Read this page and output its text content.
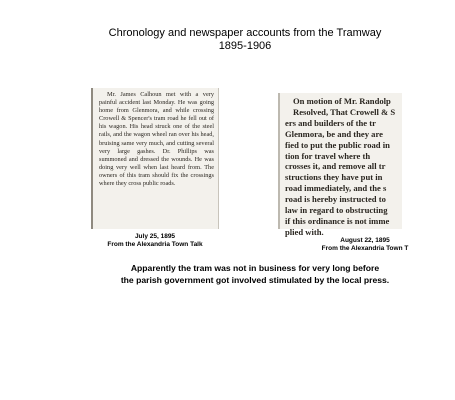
Chronology and newspaper accounts from the Tramway
1895-1906
Mr. James Calhoun met with a very painful accident last Monday. He was going home from Glenmora, and while crossing Crowell & Spencer's tram road he fell out of his wagon. His head struck one of the steel rails, and the wagon wheel ran over his head, bruising same very much, and cutting several very large gashes. Dr. Phillips was summoned and dressed the wounds. He was doing very well when last heard from. The owners of this tram should fix the crossings where they cross public roads.
July 25, 1895
From the Alexandria Town Talk
On motion of Mr. Randolp
Resolved, That Crowell & S
ers and builders of the tr
Glenmora, be and they are
fied to put the public road in
tion for travel where th
crosses it, and remove all tr
structions they have put in
road immediately, and the s
road is hereby instructed to
law in regard to obstructing
if this ordinance is not imme
plied with.
August 22, 1895
From the Alexandria Town T
Apparently the tram was not in business for very long before
the parish government got involved stimulated by the local press.
